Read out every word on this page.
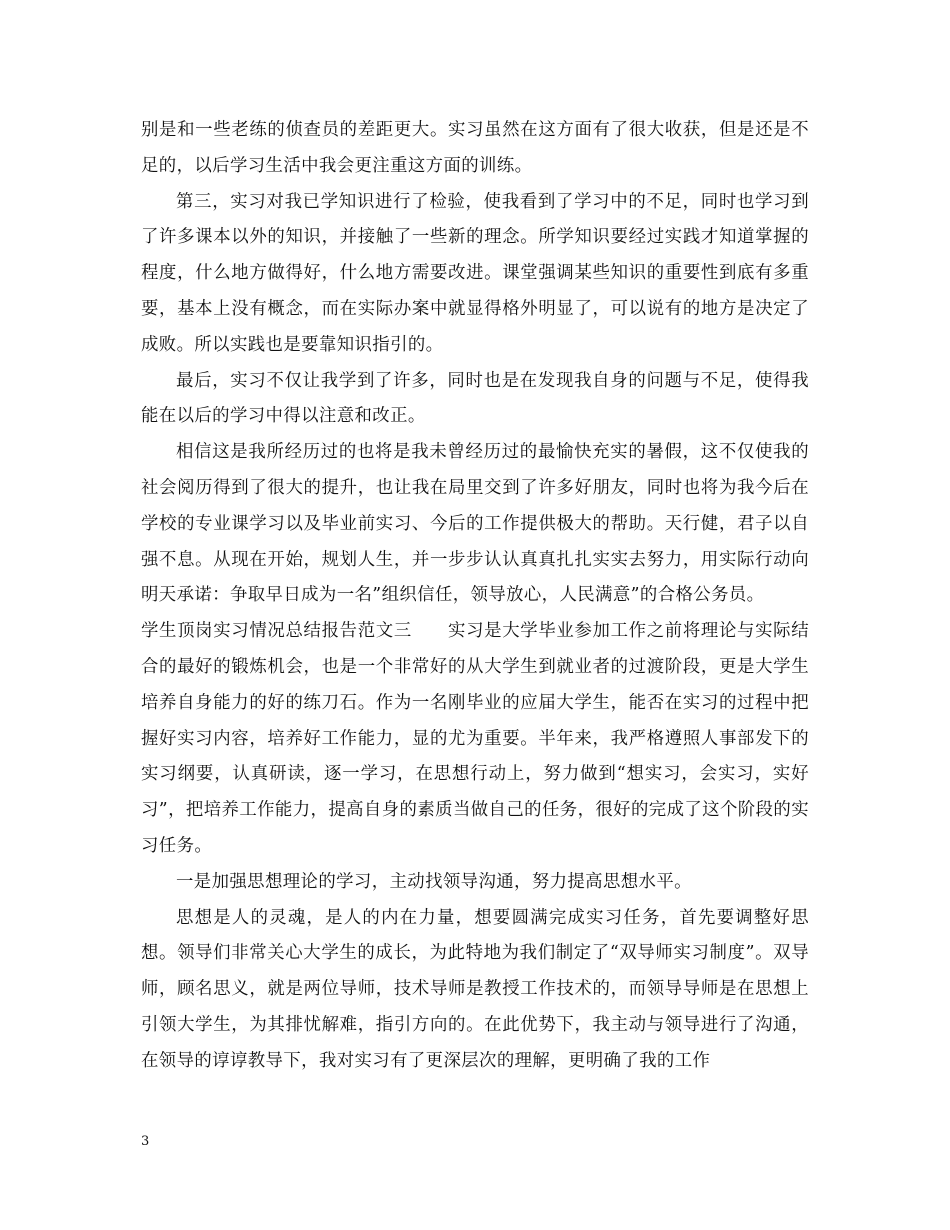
别是和一些老练的侦查员的差距更大。实习虽然在这方面有了很大收获，但是还是不足的，以后学习生活中我会更注重这方面的训练。

第三，实习对我已学知识进行了检验，使我看到了学习中的不足，同时也学习到了许多课本以外的知识，并接触了一些新的理念。所学知识要经过实践才知道掌握的程度，什么地方做得好，什么地方需要改进。课堂强调某些知识的重要性到底有多重要，基本上没有概念，而在实际办案中就显得格外明显了，可以说有的地方是决定了成败。所以实践也是要靠知识指引的。

最后，实习不仅让我学到了许多，同时也是在发现我自身的问题与不足，使得我能在以后的学习中得以注意和改正。

相信这是我所经历过的也将是我未曾经历过的最愉快充实的暑假，这不仅使我的社会阅历得到了很大的提升，也让我在局里交到了许多好朋友，同时也将为我今后在学校的专业课学习以及毕业前实习、今后的工作提供极大的帮助。天行健，君子以自强不息。从现在开始，规划人生，并一步步认认真真扎扎实实去努力，用实际行动向明天承诺：争取早日成为一名”组织信任，领导放心，人民满意”的合格公务员。

学生顶岗实习情况总结报告范文三　　实习是大学毕业参加工作之前将理论与实际结合的最好的锻炼机会，也是一个非常好的从大学生到就业者的过渡阶段，更是大学生培养自身能力的好的练刀石。作为一名刚毕业的应届大学生，能否在实习的过程中把握好实习内容，培养好工作能力，显的尤为重要。半年来，我严格遵照人事部发下的实习纲要，认真研读，逐一学习，在思想行动上，努力做到“想实习，会实习，实好习”，把培养工作能力，提高自身的素质当做自己的任务，很好的完成了这个阶段的实习任务。

一是加强思想理论的学习，主动找领导沟通，努力提高思想水平。

思想是人的灵魂，是人的内在力量，想要圆满完成实习任务，首先要调整好思想。领导们非常关心大学生的成长，为此特地为我们制定了“双导师实习制度”。双导师，顾名思义，就是两位导师，技术导师是教授工作技术的，而领导导师是在思想上引领大学生，为其排忧解难，指引方向的。在此优势下，我主动与领导进行了沟通，在领导的谆谆教导下，我对实习有了更深层次的理解，更明确了我的工作

3
